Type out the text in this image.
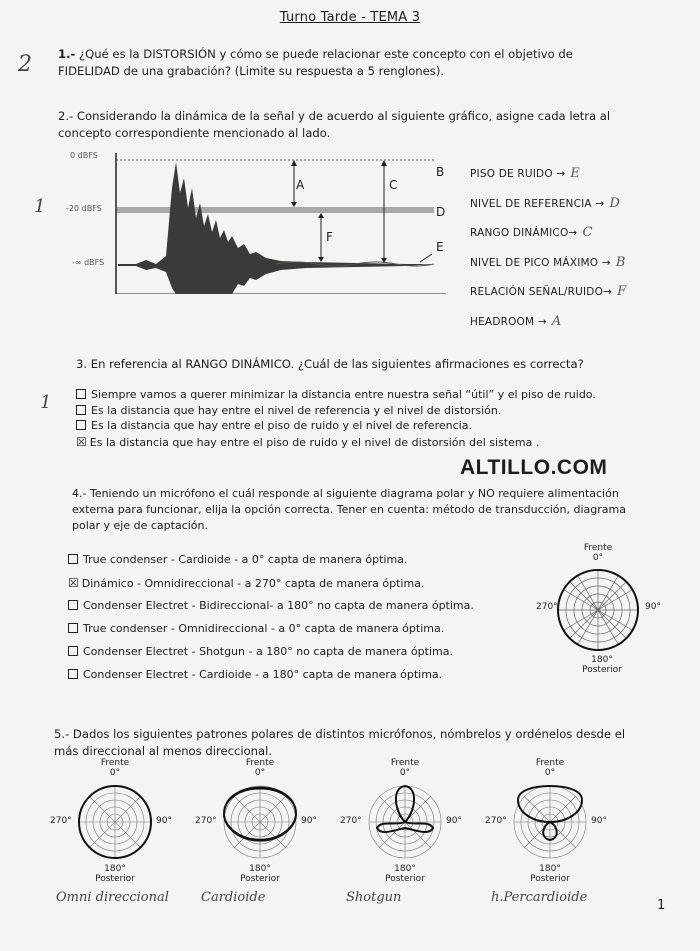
Turno Tarde - TEMA 3
2 1.- ¿Qué es la DISTORSIÓN y cómo se puede relacionar este concepto con el objetivo de FIDELIDAD de una grabación? (Limite su respuesta a 5 renglones).
1
2.- Considerando la dinámica de la señal y de acuerdo al siguiente gráfico, asigne cada letra al concepto correspondiente mencionado al lado.
0 dBFS
-20 dBFS
-∞ dBFS
A
B
C
D
E
F
PISO DE RUIDO → E
NIVEL DE REFERENCIA → D
RANGO DINÁMICO→ C
NIVEL DE PICO MÁXIMO → B
RELACIÓN SEÑAL/RUIDO→ F
HEADROOM → A
1
3. En referencia al RANGO DINÁMICO. ¿Cuál de las siguientes afirmaciones es correcta?
Siempre vamos a querer minimizar la distancia entre nuestra señal “útil” y el piso de ruido.
Es la distancia que hay entre el nivel de referencia y el nivel de distorsión.
Es la distancia que hay entre el piso de ruido y el nivel de referencia.
☒ Es la distancia que hay entre el piso de ruido y el nivel de distorsión del sistema .
ALTILLO.COM
4.- Teniendo un micrófono el cuál responde al siguiente diagrama polar y NO requiere alimentación externa para funcionar, elija la opción correcta. Tener en cuenta: método de transducción, diagrama polar y eje de captación.
True condenser - Cardioide - a 0° capta de manera óptima.
☒ Dinámico - Omnidireccional - a 270° capta de manera óptima.
Condenser Electret - Bidireccional- a 180° no capta de manera óptima.
True condenser - Omnidireccional - a 0° capta de manera óptima.
Condenser Electret - Shotgun - a 180° no capta de manera óptima.
Condenser Electret - Cardioide - a 180° capta de manera óptima.
Frente
0°
270°	90°
180°
Posterior
5.- Dados los siguientes patrones polares de distintos micrófonos, nómbrelos y ordénelos desde el más direccional al menos direccional.
Frente
0°
270°	90°
180°
Posterior
Omni direccional
Frente
0°
270°	90°
180°
Posterior
Cardioide
Frente
0°
270°	90°
180°
Posterior
Shotgun
Frente
0°
270°	90°
180°
Posterior
h.Percardioide
1
